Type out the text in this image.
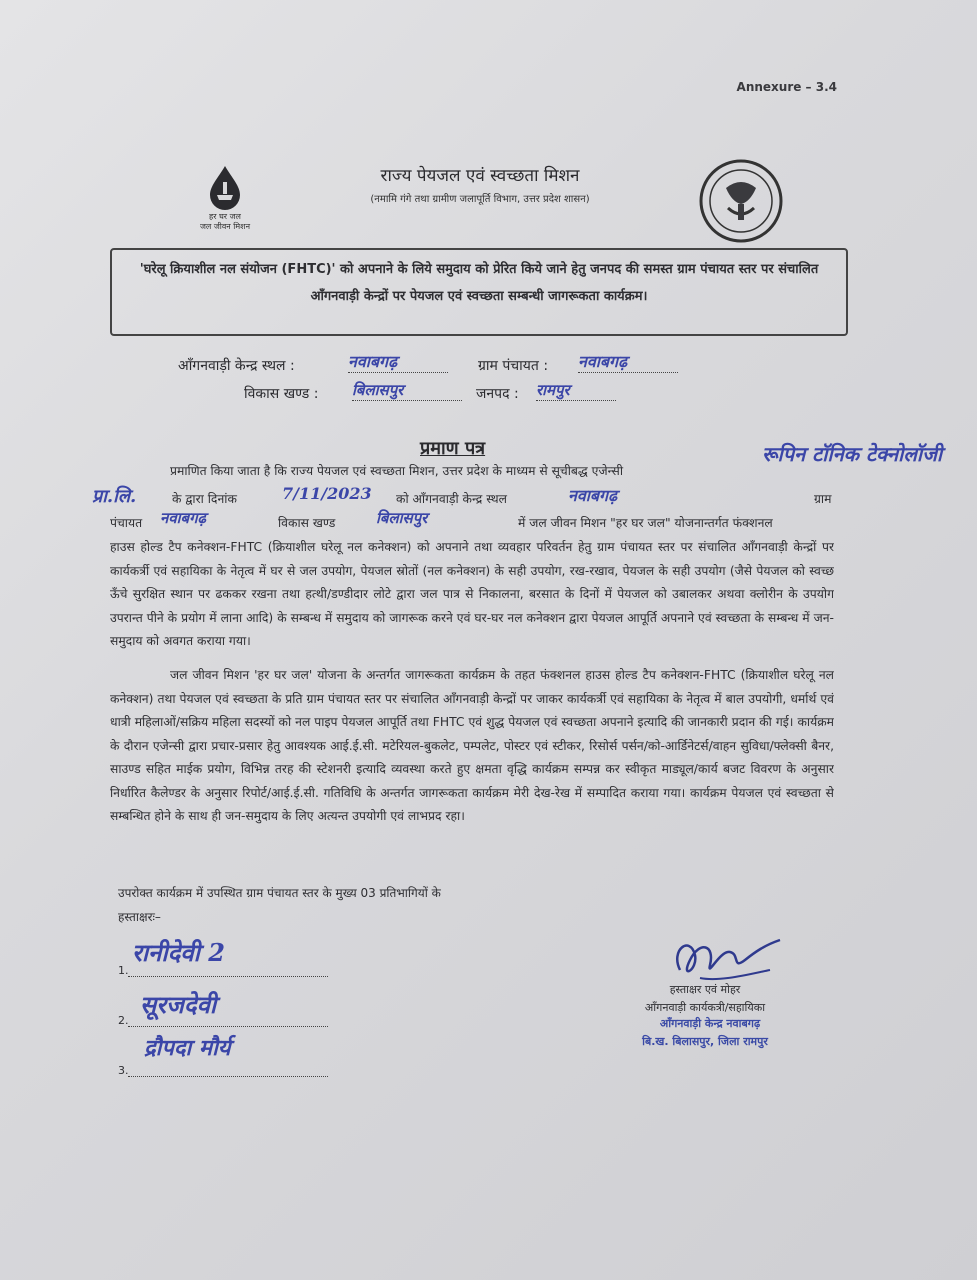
Annexure – 3.4
हर घर जल
जल जीवन मिशन
राज्य पेयजल एवं स्वच्छता मिशन
(नमामि गंगे तथा ग्रामीण जलापूर्ति विभाग, उत्तर प्रदेश शासन)
'घरेलू क्रियाशील नल संयोजन (FHTC)' को अपनाने के लिये समुदाय को प्रेरित किये जाने हेतु जनपद की समस्त ग्राम पंचायत स्तर पर संचालित आँगनवाड़ी केन्द्रों पर पेयजल एवं स्वच्छता सम्बन्धी जागरूकता कार्यक्रम।
आँगनवाड़ी केन्द्र स्थल :	नवाबगढ़	ग्राम पंचायत : नवाबगढ़
विकास खण्ड : बिलासपुर	जनपद : रामपुर
प्रमाण पत्र
प्रमाणित किया जाता है कि राज्य पेयजल एवं स्वच्छता मिशन, उत्तर प्रदेश के माध्यम से सूचीबद्ध एजेन्सी
रूपिन टॉनिक टेक्नोलॉजी
प्रा.लि.	के द्वारा दिनांक	7/11/2023 को आँगनवाड़ी केन्द्र स्थल	नवाबगढ़	ग्राम
पंचायत नवाबगढ़	विकास खण्ड	बिलासपुर	में जल जीवन मिशन "हर घर जल" योजनान्तर्गत फंक्शनल
हाउस होल्ड टैप कनेक्शन-FHTC (क्रियाशील घरेलू नल कनेक्शन) को अपनाने तथा व्यवहार परिवर्तन हेतु ग्राम पंचायत स्तर पर संचालित आँगनवाड़ी केन्द्रों पर कार्यकर्त्री एवं सहायिका के नेतृत्व में घर से जल उपयोग, पेयजल स्रोतों (नल कनेक्शन) के सही उपयोग, रख-रखाव, पेयजल के सही उपयोग (जैसे पेयजल को स्वच्छ ऊँचे सुरक्षित स्थान पर ढककर रखना तथा हत्थी/डण्डीदार लोटे द्वारा जल पात्र से निकालना, बरसात के दिनों में पेयजल को उबालकर अथवा क्लोरीन के उपयोग उपरान्त पीने के प्रयोग में लाना आदि) के सम्बन्ध में समुदाय को जागरूक करने एवं घर-घर नल कनेक्शन द्वारा पेयजल आपूर्ति अपनाने एवं स्वच्छता के सम्बन्ध में जन-समुदाय को अवगत कराया गया।
जल जीवन मिशन 'हर घर जल' योजना के अन्तर्गत जागरूकता कार्यक्रम के तहत फंक्शनल हाउस होल्ड टैप कनेक्शन-FHTC (क्रियाशील घरेलू नल कनेक्शन) तथा पेयजल एवं स्वच्छता के प्रति ग्राम पंचायत स्तर पर संचालित आँगनवाड़ी केन्द्रों पर जाकर कार्यकर्त्री एवं सहायिका के नेतृत्व में बाल उपयोगी, धर्मार्थ एवं धात्री महिलाओं/सक्रिय महिला सदस्यों को नल पाइप पेयजल आपूर्ति तथा FHTC एवं शुद्ध पेयजल एवं स्वच्छता अपनाने इत्यादि की जानकारी प्रदान की गई। कार्यक्रम के दौरान एजेन्सी द्वारा प्रचार-प्रसार हेतु आवश्यक आई.ई.सी. मटेरियल-बुकलेट, पम्पलेट, पोस्टर एवं स्टीकर, रिसोर्स पर्सन/को-आर्डिनेटर्स/वाहन सुविधा/फ्लेक्सी बैनर, साउण्ड सहित माईक प्रयोग, विभिन्न तरह की स्टेशनरी इत्यादि व्यवस्था करते हुए क्षमता वृद्धि कार्यक्रम सम्पन्न कर स्वीकृत माड्यूल/कार्य बजट विवरण के अनुसार निर्धारित कैलेण्डर के अनुसार रिपोर्ट/आई.ई.सी. गतिविधि के अन्तर्गत जागरूकता कार्यक्रम मेरी देख-रेख में सम्पादित कराया गया। कार्यक्रम पेयजल एवं स्वच्छता से सम्बन्धित होने के साथ ही जन-समुदाय के लिए अत्यन्त उपयोगी एवं लाभप्रद रहा।
उपरोक्त कार्यक्रम में उपस्थित ग्राम पंचायत स्तर के मुख्य 03 प्रतिभागियों के
हस्ताक्षरः–
1.
रानीदेवी 2
2.
सूरजदेवी
3.
द्रौपदा मौर्य
हस्ताक्षर एवं मोहर
आँगनवाड़ी कार्यकत्री/सहायिका
आँगनवाड़ी केन्द्र नवाबगढ़
बि.ख. बिलासपुर, जिला रामपुर
